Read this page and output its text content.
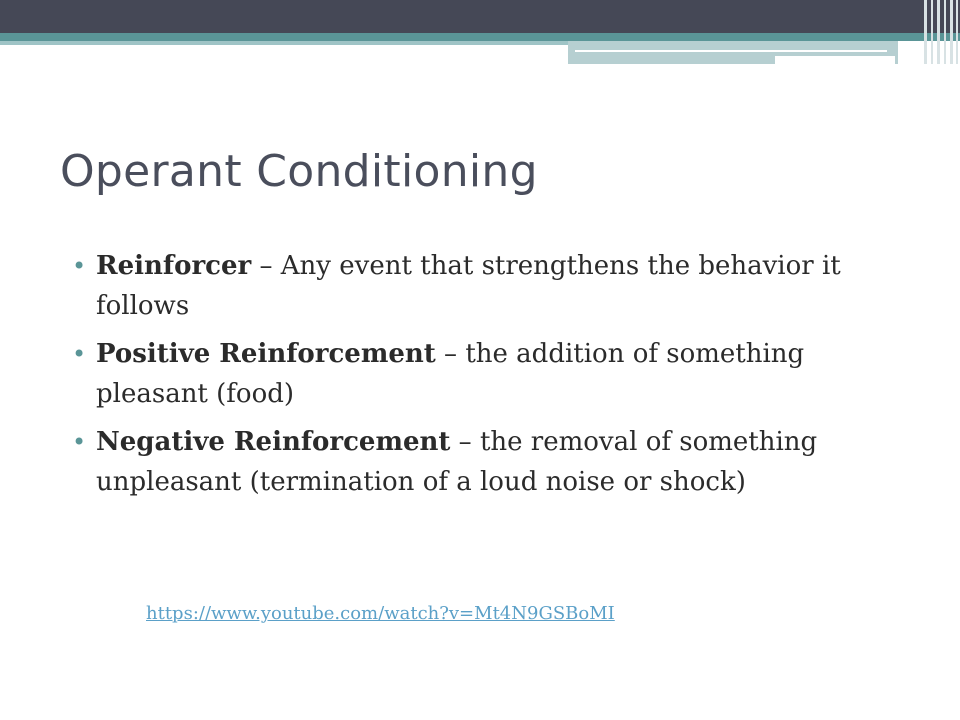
Operant Conditioning
• Reinforcer – Any event that strengthens the behavior it follows
• Positive Reinforcement – the addition of something pleasant (food)
• Negative Reinforcement – the removal of something unpleasant (termination of a loud noise or shock)
https://www.youtube.com/watch?v=Mt4N9GSBoMI
